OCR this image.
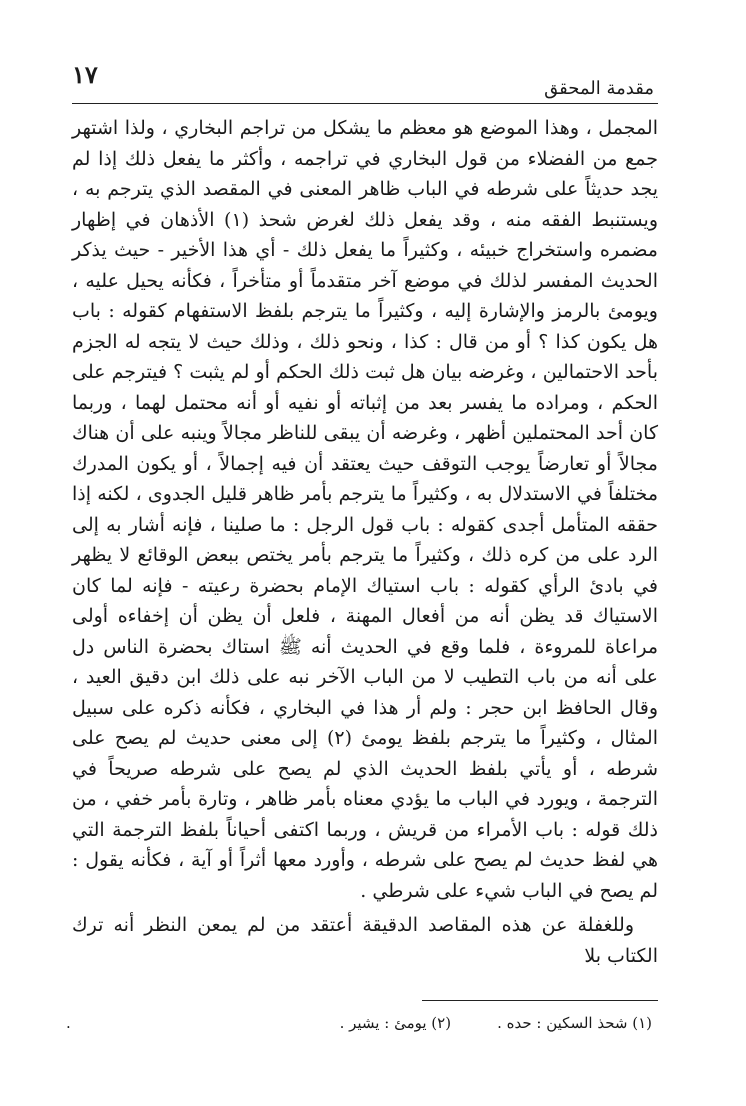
مقدمة المحقق
١٧

المجمل ، وهذا الموضع هو معظم ما يشكل من تراجم البخاري ، ولذا اشتهر جمع من الفضلاء من قول البخاري في تراجمه ، وأكثر ما يفعل ذلك إذا لم يجد حديثاً على شرطه في الباب ظاهر المعنى في المقصد الذي يترجم به ، ويستنبط الفقه منه ، وقد يفعل ذلك لغرض شحذ (١) الأذهان في إظهار مضمره واستخراج خبيئه ، وكثيراً ما يفعل ذلك - أي هذا الأخير - حيث يذكر الحديث المفسر لذلك في موضع آخر متقدماً أو متأخراً ، فكأنه يحيل عليه ، ويومئ بالرمز والإشارة إليه ، وكثيراً ما يترجم بلفظ الاستفهام كقوله : باب هل يكون كذا ؟ أو من قال : كذا ، ونحو ذلك ، وذلك حيث لا يتجه له الجزم بأحد الاحتمالين ، وغرضه بيان هل ثبت ذلك الحكم أو لم يثبت ؟ فيترجم على الحكم ، ومراده ما يفسر بعد من إثباته أو نفيه أو أنه محتمل لهما ، وربما كان أحد المحتملين أظهر ، وغرضه أن يبقى للناظر مجالاً وينبه على أن هناك مجالاً أو تعارضاً يوجب التوقف حيث يعتقد أن فيه إجمالاً ، أو يكون المدرك مختلفاً في الاستدلال به ، وكثيراً ما يترجم بأمر ظاهر قليل الجدوى ، لكنه إذا حققه المتأمل أجدى كقوله : باب قول الرجل : ما صلينا ، فإنه أشار به إلى الرد على من كره ذلك ، وكثيراً ما يترجم بأمر يختص ببعض الوقائع لا يظهر في بادئ الرأي كقوله : باب استياك الإمام بحضرة رعيته - فإنه لما كان الاستياك قد يظن أنه من أفعال المهنة ، فلعل أن يظن أن إخفاءه أولى مراعاة للمروءة ، فلما وقع في الحديث أنه ﷺ استاك بحضرة الناس دل على أنه من باب التطيب لا من الباب الآخر نبه على ذلك ابن دقيق العيد ، وقال الحافظ ابن حجر : ولم أر هذا في البخاري ، فكأنه ذكره على سبيل المثال ، وكثيراً ما يترجم بلفظ يومئ (٢) إلى معنى حديث لم يصح على شرطه ، أو يأتي بلفظ الحديث الذي لم يصح على شرطه صريحاً في الترجمة ، ويورد في الباب ما يؤدي معناه بأمر ظاهر ، وتارة بأمر خفي ، من ذلك قوله : باب الأمراء من قريش ، وربما اكتفى أحياناً بلفظ الترجمة التي هي لفظ حديث لم يصح على شرطه ، وأورد معها أثراً أو آية ، فكأنه يقول : لم يصح في الباب شيء على شرطي .

وللغفلة عن هذه المقاصد الدقيقة أعتقد من لم يمعن النظر أنه ترك الكتاب بلا

(١) شحذ السكين : حده .
(٢) يومئ : يشير .
.
